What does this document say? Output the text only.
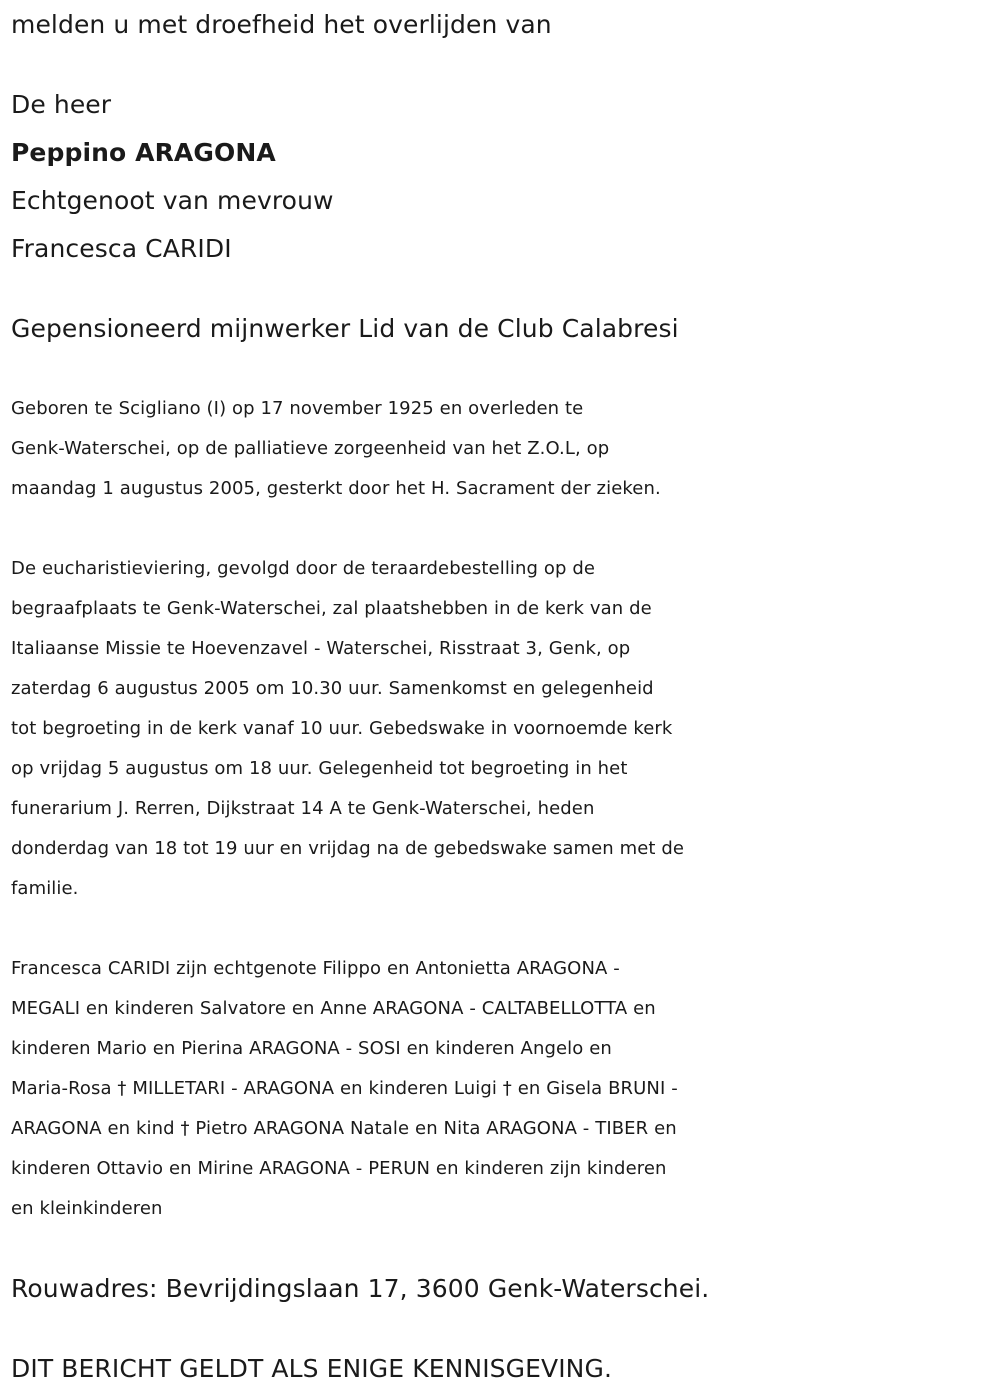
melden u met droefheid het overlijden van
De heer
Peppino ARAGONA
Echtgenoot van mevrouw
Francesca CARIDI
Gepensioneerd mijnwerker Lid van de Club Calabresi
Geboren te Scigliano (I) op 17 november 1925 en overleden te
Genk-Waterschei, op de palliatieve zorgeenheid van het Z.O.L, op
maandag 1 augustus 2005, gesterkt door het H. Sacrament der zieken.
De eucharistieviering, gevolgd door de teraardebestelling op de
begraafplaats te Genk-Waterschei, zal plaatshebben in de kerk van de
Italiaanse Missie te Hoevenzavel - Waterschei, Risstraat 3, Genk, op
zaterdag 6 augustus 2005 om 10.30 uur. Samenkomst en gelegenheid
tot begroeting in de kerk vanaf 10 uur. Gebedswake in voornoemde kerk
op vrijdag 5 augustus om 18 uur. Gelegenheid tot begroeting in het
funerarium J. Rerren, Dijkstraat 14 A te Genk-Waterschei, heden
donderdag van 18 tot 19 uur en vrijdag na de gebedswake samen met de
familie.
Francesca CARIDI zijn echtgenote Filippo en Antonietta ARAGONA -
MEGALI en kinderen Salvatore en Anne ARAGONA - CALTABELLOTTA en
kinderen Mario en Pierina ARAGONA - SOSI en kinderen Angelo en
Maria-Rosa † MILLETARI - ARAGONA en kinderen Luigi † en Gisela BRUNI -
ARAGONA en kind † Pietro ARAGONA Natale en Nita ARAGONA - TIBER en
kinderen Ottavio en Mirine ARAGONA - PERUN en kinderen zijn kinderen
en kleinkinderen
Rouwadres: Bevrijdingslaan 17, 3600 Genk-Waterschei.
DIT BERICHT GELDT ALS ENIGE KENNISGEVING.
